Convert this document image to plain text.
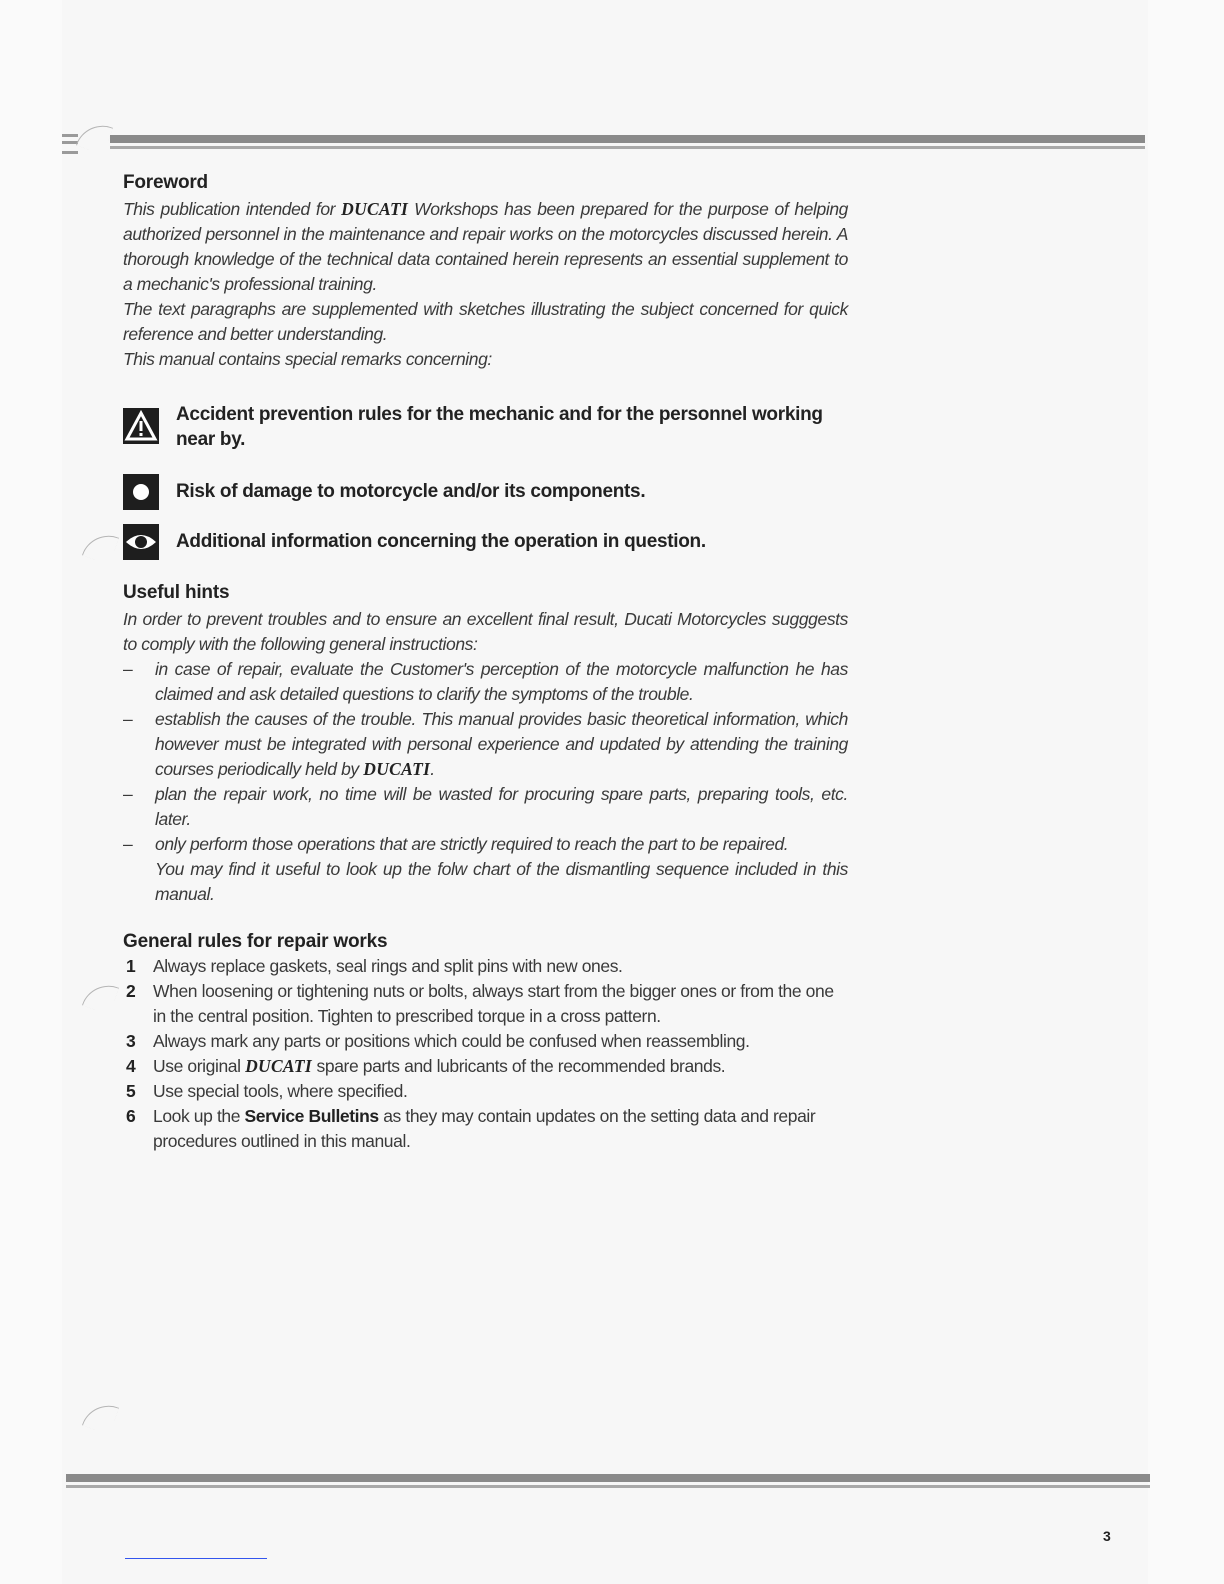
Foreword

This publication intended for DUCATI Workshops has been prepared for the purpose of helping authorized personnel in the maintenance and repair works on the motorcycles discussed herein. A thorough knowledge of the technical data contained herein represents an essential supplement to a mechanic's professional training.

The text paragraphs are supplemented with sketches illustrating the subject concerned for quick reference and better understanding.

This manual contains special remarks concerning:

Accident prevention rules for the mechanic and for the personnel working near by.
Risk of damage to motorcycle and/or its components.
Additional information concerning the operation in question.
Useful hints

In order to prevent troubles and to ensure an excellent final result, Ducati Motorcycles sugggests to comply with the following general instructions:

– in case of repair, evaluate the Customer's perception of the motorcycle malfunction he has claimed and ask detailed questions to clarify the symptoms of the trouble.
– establish the causes of the trouble. This manual provides basic theoretical information, which however must be integrated with personal experience and updated by attending the training courses periodically held by DUCATI.
– plan the repair work, no time will be wasted for procuring spare parts, preparing tools, etc. later.
– only perform those operations that are strictly required to reach the part to be repaired.

You may find it useful to look up the folw chart of the dismantling sequence included in this manual.

General rules for repair works
1 Always replace gaskets, seal rings and split pins with new ones.
2 When loosening or tightening nuts or bolts, always start from the bigger ones or from the one in the central position. Tighten to prescribed torque in a cross pattern.
3 Always mark any parts or positions which could be confused when reassembling.
4 Use original DUCATI spare parts and lubricants of the recommended brands.
5 Use special tools, where specified.
6 Look up the Service Bulletins as they may contain updates on the setting data and repair procedures outlined in this manual.
3
